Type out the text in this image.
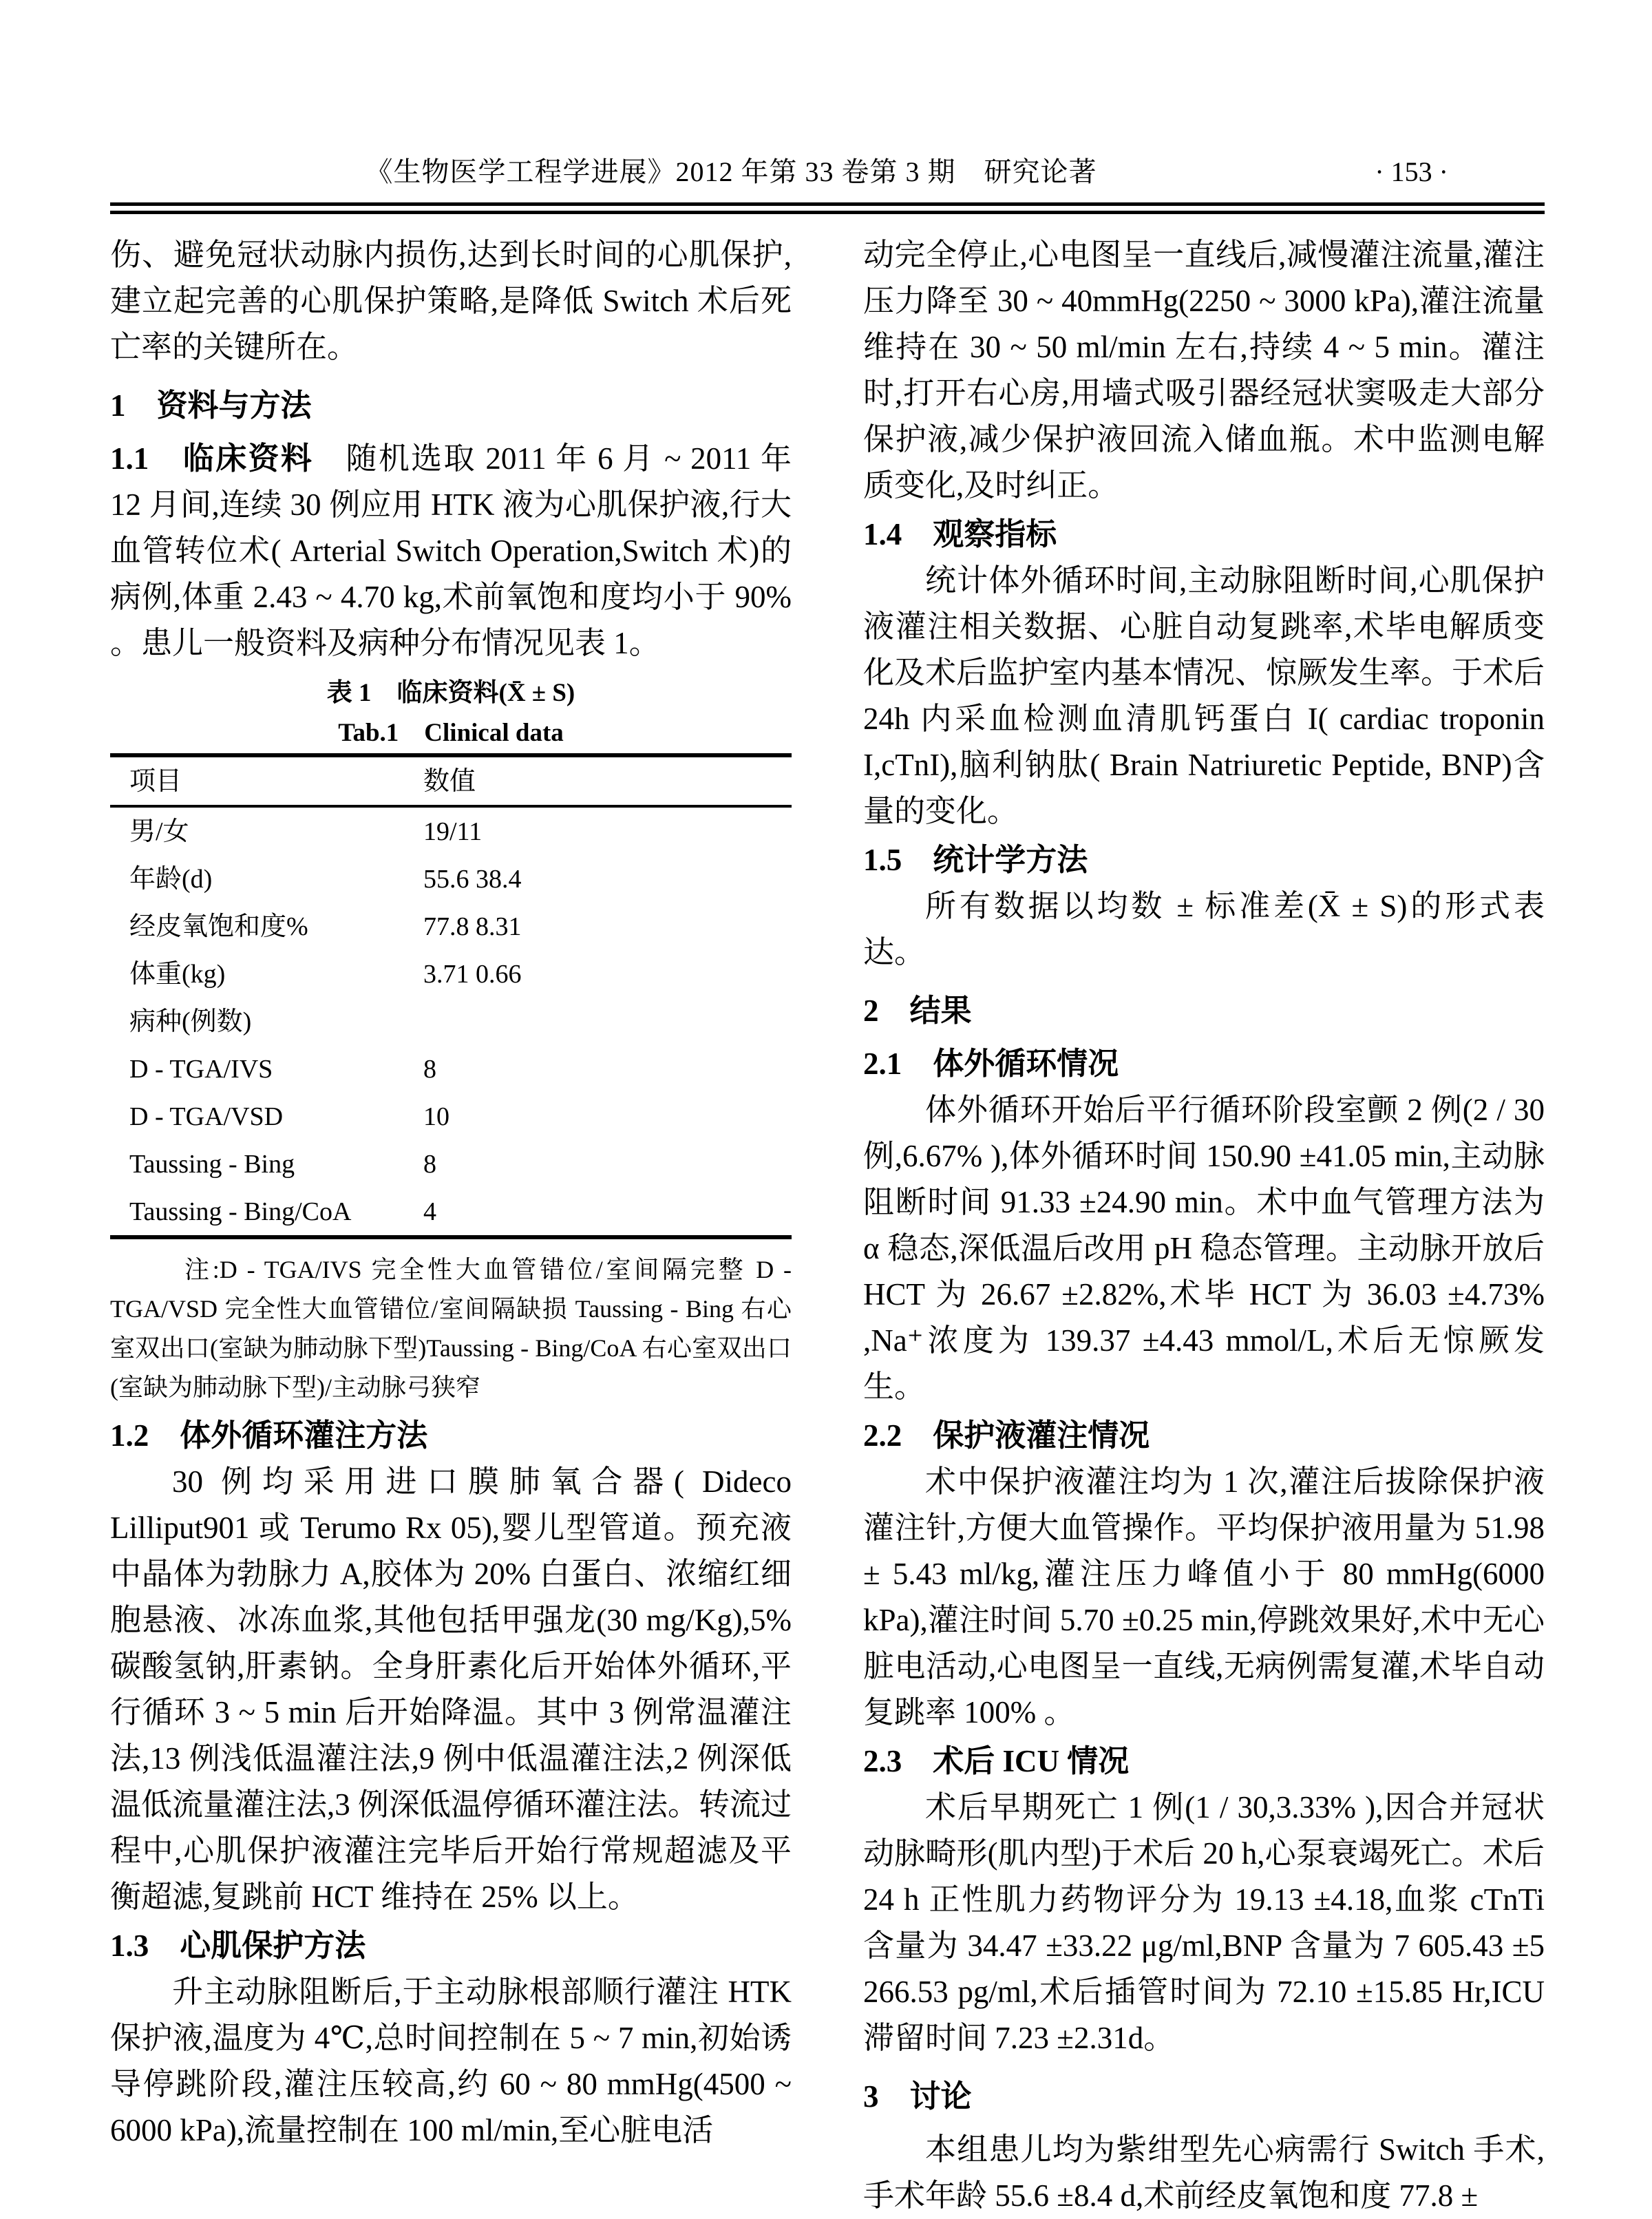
《生物医学工程学进展》2012 年第 33 卷第 3 期　研究论著	· 153 ·

伤、避免冠状动脉内损伤,达到长时间的心肌保护,建立起完善的心肌保护策略,是降低 Switch 术后死亡率的关键所在。

1　资料与方法

1.1　临床资料　随机选取 2011 年 6 月 ~ 2011 年 12 月间,连续 30 例应用 HTK 液为心肌保护液,行大血管转位术( Arterial Switch Operation,Switch 术)的病例,体重 2.43 ~ 4.70 kg,术前氧饱和度均小于 90% 。患儿一般资料及病种分布情况见表 1。

表 1　临床资料(X̄ ± S)
Tab.1　Clinical data
项目	数值
男/女	19/11
年龄(d)	55.6 38.4
经皮氧饱和度%	77.8 8.31
体重(kg)	3.71 0.66
病种(例数)
D - TGA/IVS	8
D - TGA/VSD	10
Taussing - Bing	8
Taussing - Bing/CoA	4

注:D - TGA/IVS 完全性大血管错位/室间隔完整 D - TGA/VSD 完全性大血管错位/室间隔缺损 Taussing - Bing 右心室双出口(室缺为肺动脉下型)Taussing - Bing/CoA 右心室双出口(室缺为肺动脉下型)/主动脉弓狭窄

1.2　体外循环灌注方法

30 例均采用进口膜肺氧合器( Dideco Lilliput901 或 Terumo Rx 05),婴儿型管道。预充液中晶体为勃脉力 A,胶体为 20% 白蛋白、浓缩红细胞悬液、冰冻血浆,其他包括甲强龙(30 mg/Kg),5% 碳酸氢钠,肝素钠。全身肝素化后开始体外循环,平行循环 3 ~ 5 min 后开始降温。其中 3 例常温灌注法,13 例浅低温灌注法,9 例中低温灌注法,2 例深低温低流量灌注法,3 例深低温停循环灌注法。转流过程中,心肌保护液灌注完毕后开始行常规超滤及平衡超滤,复跳前 HCT 维持在 25% 以上。

1.3　心肌保护方法

升主动脉阻断后,于主动脉根部顺行灌注 HTK 保护液,温度为 4℃,总时间控制在 5 ~ 7 min,初始诱导停跳阶段,灌注压较高,约 60 ~ 80 mmHg(4500 ~ 6000 kPa),流量控制在 100 ml/min,至心脏电活

动完全停止,心电图呈一直线后,减慢灌注流量,灌注压力降至 30 ~ 40mmHg(2250 ~ 3000 kPa),灌注流量维持在 30 ~ 50 ml/min 左右,持续 4 ~ 5 min。灌注时,打开右心房,用墙式吸引器经冠状窦吸走大部分保护液,减少保护液回流入储血瓶。术中监测电解质变化,及时纠正。

1.4　观察指标

统计体外循环时间,主动脉阻断时间,心肌保护液灌注相关数据、心脏自动复跳率,术毕电解质变化及术后监护室内基本情况、惊厥发生率。于术后 24h 内采血检测血清肌钙蛋白 I( cardiac troponin I,cTnI),脑利钠肽( Brain Natriuretic Peptide, BNP)含量的变化。

1.5　统计学方法

所有数据以均数 ± 标准差(X̄ ± S)的形式表达。

2　结果
2.1　体外循环情况

体外循环开始后平行循环阶段室颤 2 例(2 / 30 例,6.67% ),体外循环时间 150.90 ±41.05 min,主动脉阻断时间 91.33 ±24.90 min。术中血气管理方法为 α 稳态,深低温后改用 pH 稳态管理。主动脉开放后 HCT 为 26.67 ±2.82%,术毕 HCT 为 36.03 ±4.73% ,Na⁺浓度为 139.37 ±4.43 mmol/L,术后无惊厥发生。

2.2　保护液灌注情况

术中保护液灌注均为 1 次,灌注后拔除保护液灌注针,方便大血管操作。平均保护液用量为 51.98 ± 5.43 ml/kg,灌注压力峰值小于 80 mmHg(6000 kPa),灌注时间 5.70 ±0.25 min,停跳效果好,术中无心脏电活动,心电图呈一直线,无病例需复灌,术毕自动复跳率 100% 。

2.3　术后 ICU 情况

术后早期死亡 1 例(1 / 30,3.33% ),因合并冠状动脉畸形(肌内型)于术后 20 h,心泵衰竭死亡。术后 24 h 正性肌力药物评分为 19.13 ±4.18,血浆 cTnTi 含量为 34.47 ±33.22 μg/ml,BNP 含量为 7 605.43 ±5 266.53 pg/ml,术后插管时间为 72.10 ±15.85 Hr,ICU 滞留时间 7.23 ±2.31d。

3　讨论

本组患儿均为紫绀型先心病需行 Switch 手术,手术年龄 55.6 ±8.4 d,术前经皮氧饱和度 77.8 ±
